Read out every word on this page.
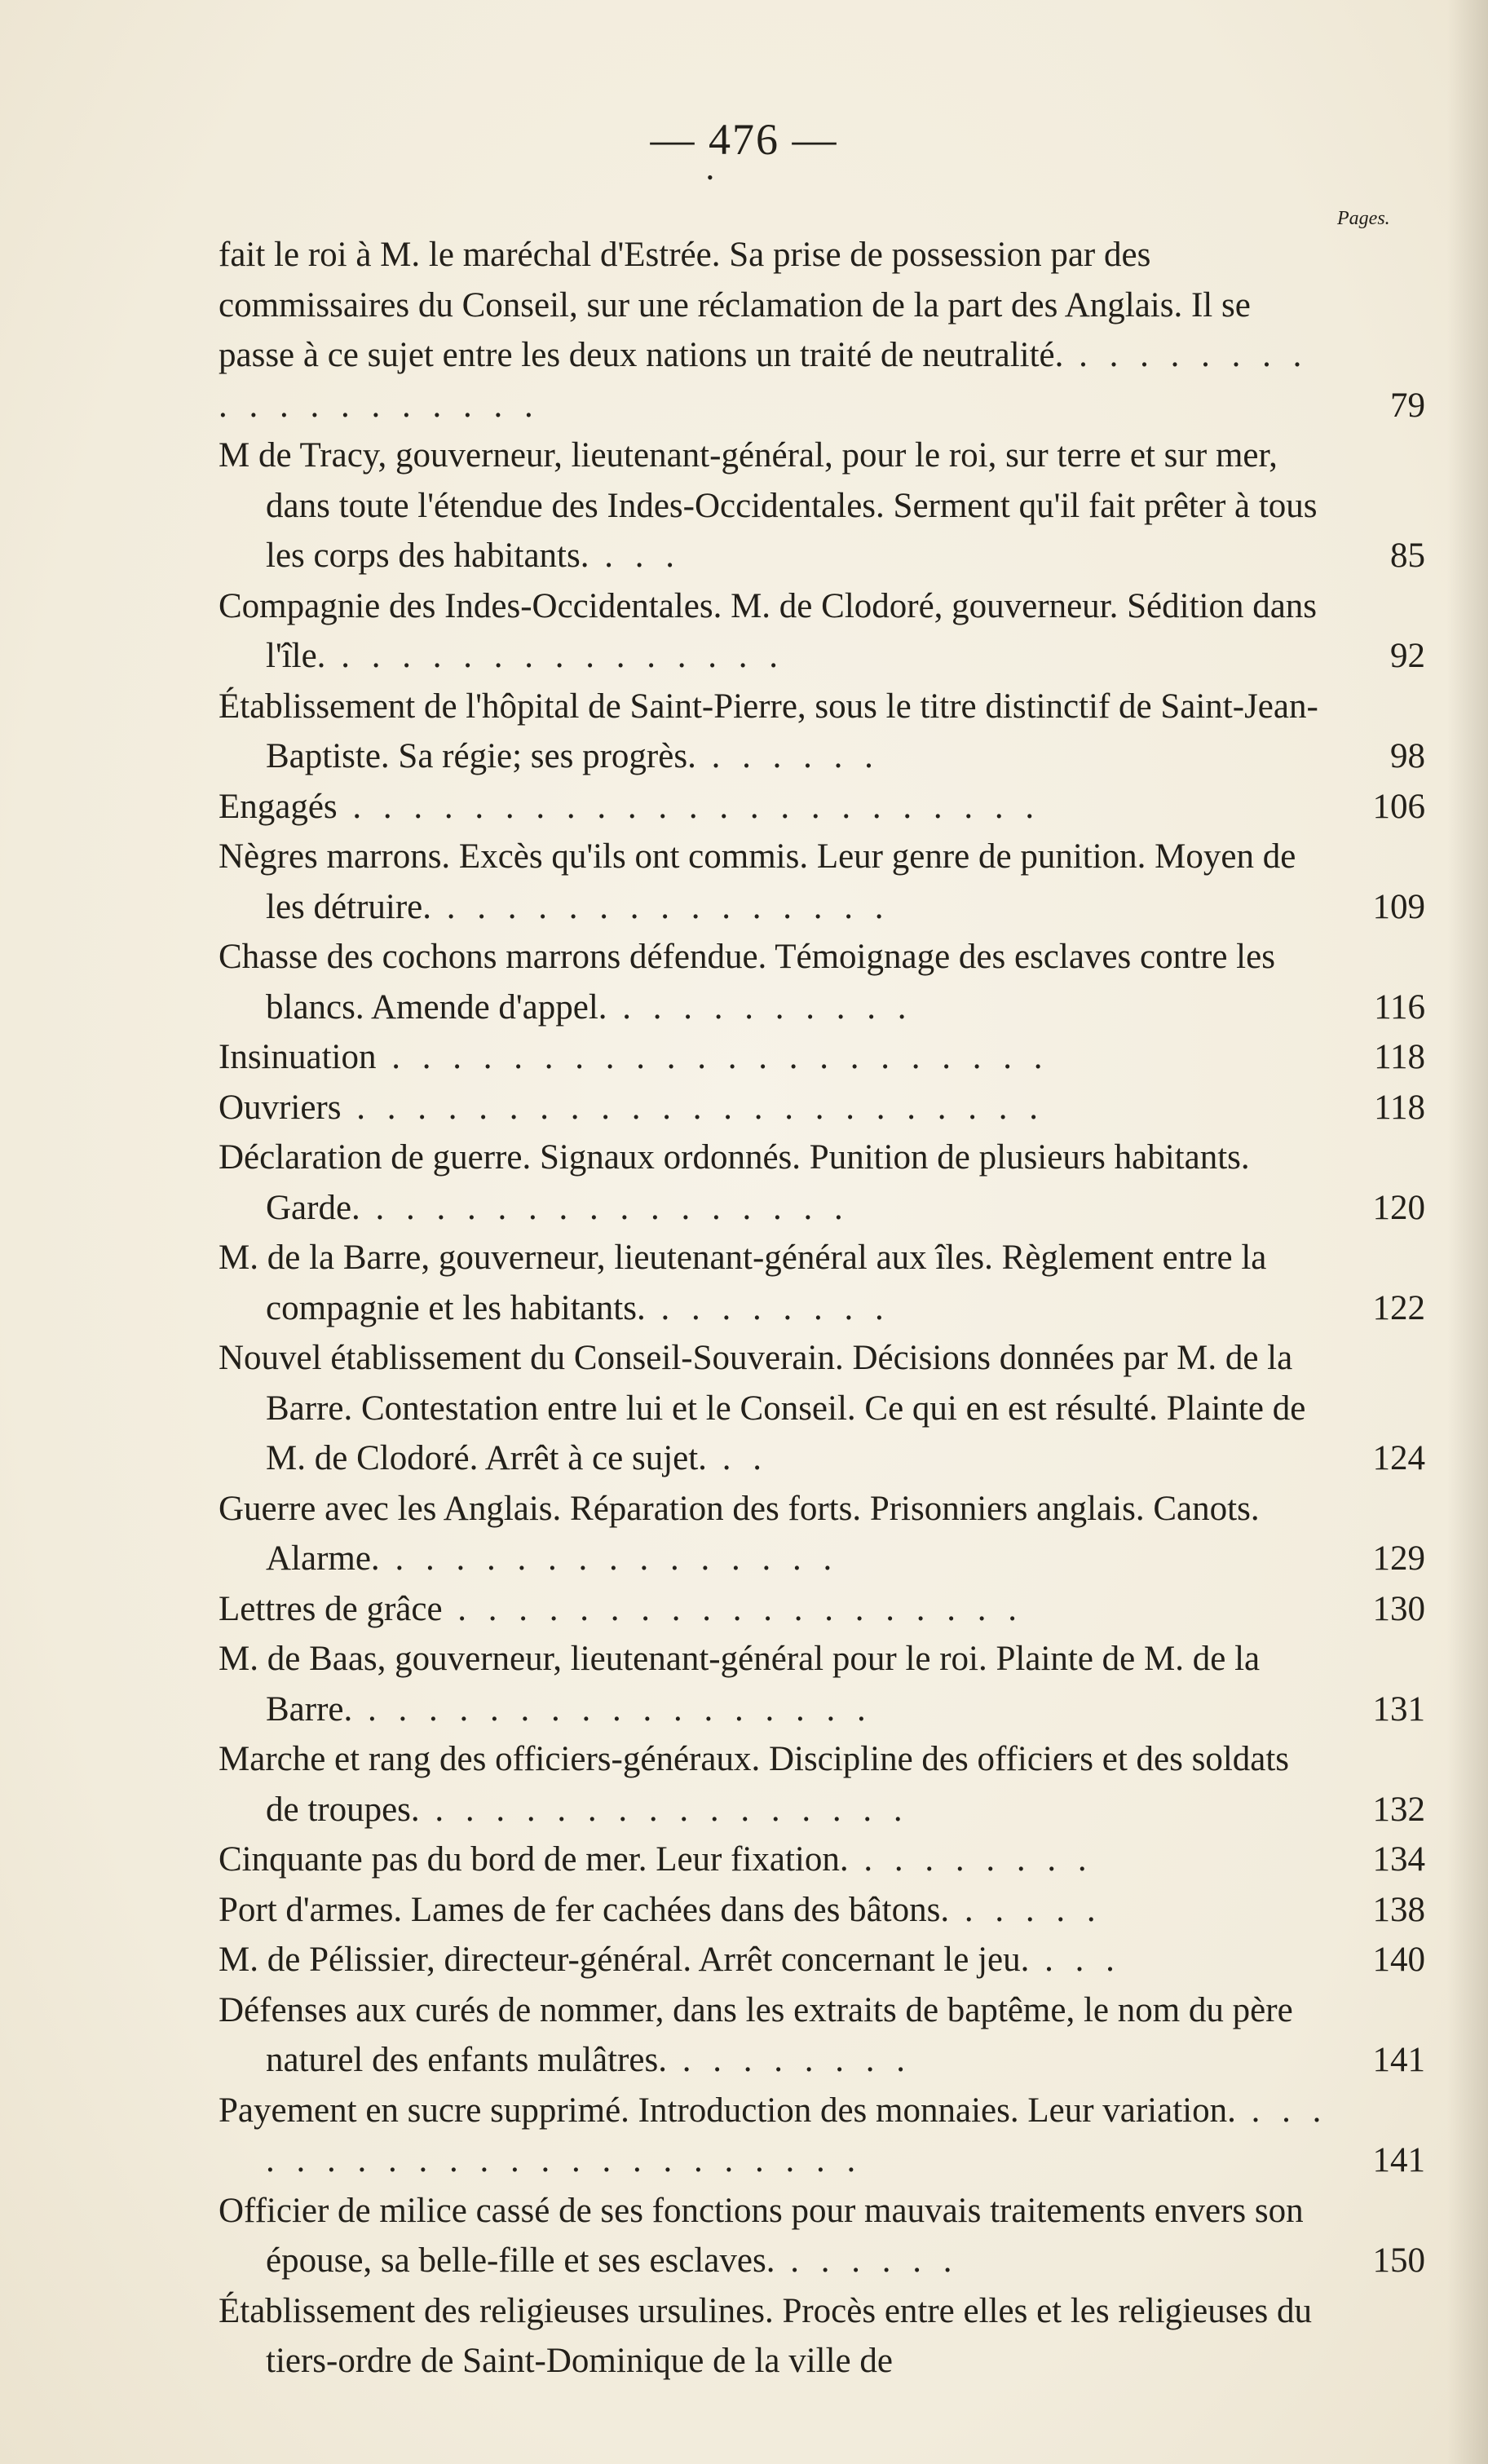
— 476 —
•
Pages.
fait le roi à M. le maréchal d'Estrée. Sa prise de possession par des commissaires du Conseil, sur une réclamation de la part des Anglais. Il se passe à ce sujet entre les deux nations un traité de neutralité. . . . . . . . . . . . . . . . . . . .	79
M de Tracy, gouverneur, lieutenant-général, pour le roi, sur terre et sur mer, dans toute l'étendue des Indes-Occidentales. Serment qu'il fait prêter à tous les corps des habitants. . . .	85
Compagnie des Indes-Occidentales. M. de Clodoré, gouverneur. Sédition dans l'île. . . . . . . . . . . . . . . .	92
Établissement de l'hôpital de Saint-Pierre, sous le titre distinctif de Saint-Jean-Baptiste. Sa régie; ses progrès. . . . . . .	98
Engagés . . . . . . . . . . . . . . . . . . . . . . .	106
Nègres marrons. Excès qu'ils ont commis. Leur genre de punition. Moyen de les détruire. . . . . . . . . . . . . . . .	109
Chasse des cochons marrons défendue. Témoignage des esclaves contre les blancs. Amende d'appel. . . . . . . . . . .	116
Insinuation . . . . . . . . . . . . . . . . . . . . . .	118
Ouvriers . . . . . . . . . . . . . . . . . . . . . . .	118
Déclaration de guerre. Signaux ordonnés. Punition de plusieurs habitants. Garde. . . . . . . . . . . . . . . . .	120
M. de la Barre, gouverneur, lieutenant-général aux îles. Règlement entre la compagnie et les habitants. . . . . . . . .	122
Nouvel établissement du Conseil-Souverain. Décisions données par M. de la Barre. Contestation entre lui et le Conseil. Ce qui en est résulté. Plainte de M. de Clodoré. Arrêt à ce sujet. . .	124
Guerre avec les Anglais. Réparation des forts. Prisonniers anglais. Canots. Alarme. . . . . . . . . . . . . . . .	129
Lettres de grâce . . . . . . . . . . . . . . . . . . .	130
M. de Baas, gouverneur, lieutenant-général pour le roi. Plainte de M. de la Barre. . . . . . . . . . . . . . . . . .	131
Marche et rang des officiers-généraux. Discipline des officiers et des soldats de troupes. . . . . . . . . . . . . . . . .	132
Cinquante pas du bord de mer. Leur fixation. . . . . . . . .	134
Port d'armes. Lames de fer cachées dans des bâtons. . . . . .	138
M. de Pélissier, directeur-général. Arrêt concernant le jeu. . . .	140
Défenses aux curés de nommer, dans les extraits de baptême, le nom du père naturel des enfants mulâtres. . . . . . . . .	141
Payement en sucre supprimé. Introduction des monnaies. Leur variation. . . . . . . . . . . . . . . . . . . . . . . .	141
Officier de milice cassé de ses fonctions pour mauvais traitements envers son épouse, sa belle-fille et ses esclaves. . . . . . .	150
Établissement des religieuses ursulines. Procès entre elles et les religieuses du tiers-ordre de Saint-Dominique de la ville de
